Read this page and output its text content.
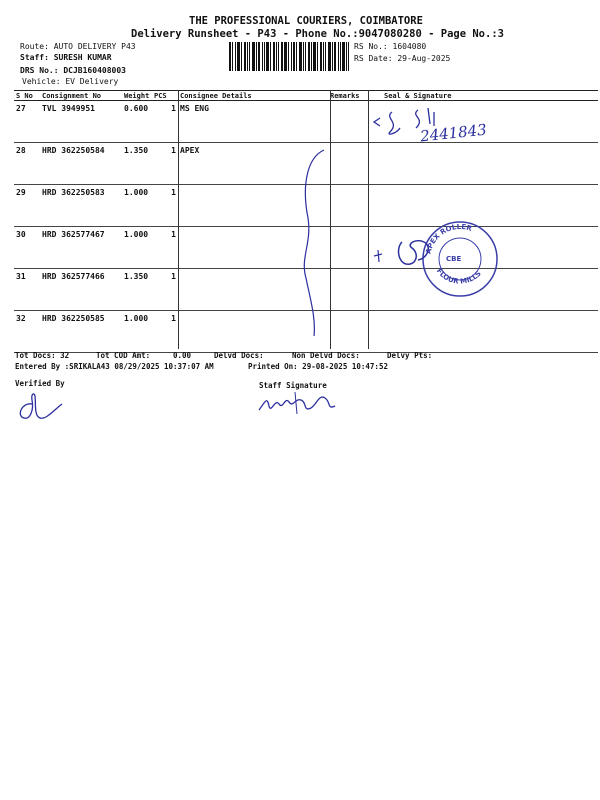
THE PROFESSIONAL COURIERS, COIMBATORE
Delivery Runsheet - P43 - Phone No.:9047080280 - Page No.:3
Route: AUTO DELIVERY P43
Staff: SURESH KUMAR
DRS No.: DCJB160408003
Vehicle: EV Delivery
RS No.: 1604080
RS Date: 29-Aug-2025
S No	Consignment No	Weight	PCS	Consignee Details	Remarks	Seal & Signature
27	TVL 3949951	0.600	1	MS ENG		
28	HRD 362250584	1.350	1	APEX		
29	HRD 362250583	1.000	1			
30	HRD 362577467	1.000	1			
31	HRD 362577466	1.350	1			
32	HRD 362250585	1.000	1			
2441843
APEX ROLLER
FLOUR MILLS
CBE
Tot Docs: 32	Tot COD Amt:	0.00	Delvd Docs:	Non Delvd Docs:	Delvy Pts:
Entered By :SRIKALA43 08/29/2025 10:37:07 AM	Printed On: 29-08-2025 10:47:52
Verified By	Staff Signature
